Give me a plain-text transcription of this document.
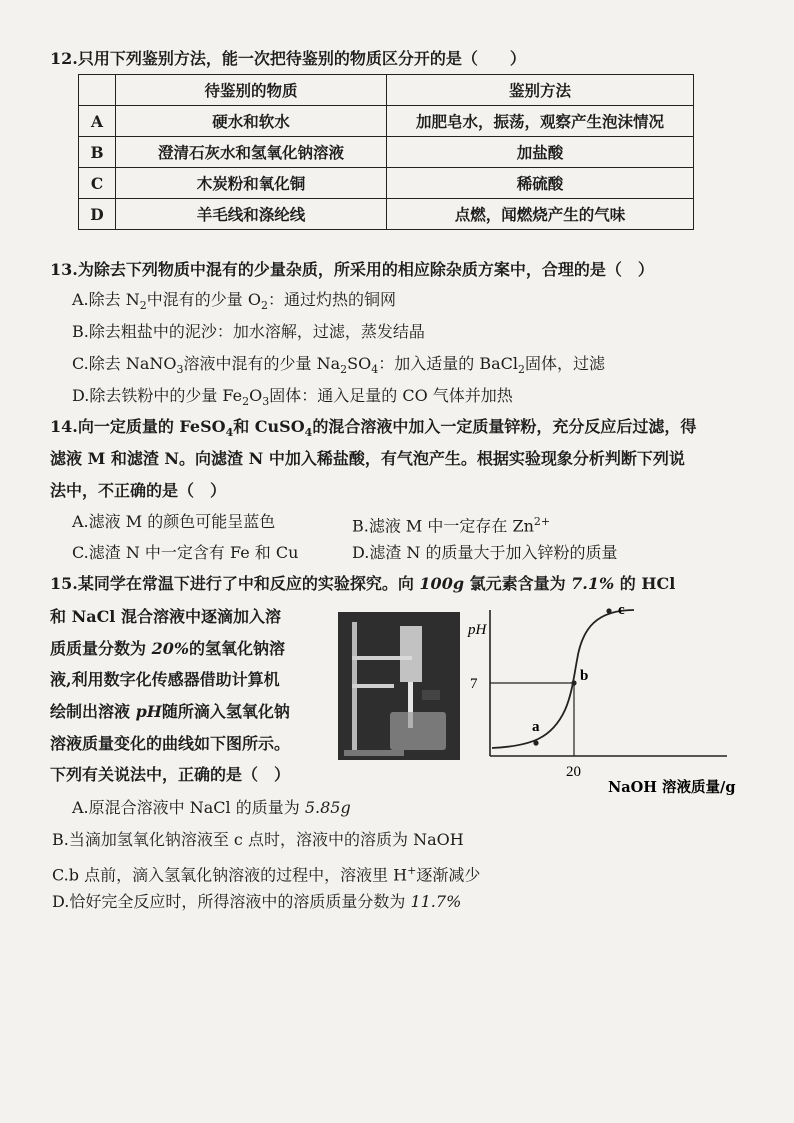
12.只用下列鉴别方法，能一次把待鉴别的物质区分开的是（　　）
	待鉴别的物质	鉴别方法
A	硬水和软水	加肥皂水，振荡，观察产生泡沫情况
B	澄清石灰水和氢氧化钠溶液	加盐酸
C	木炭粉和氧化铜	稀硫酸
D	羊毛线和涤纶线	点燃，闻燃烧产生的气味
13.为除去下列物质中混有的少量杂质，所采用的相应除杂质方案中，合理的是（　）
A.除去 $N_2$中混有的少量 $O_2$：通过灼热的铜网
B.除去粗盐中的泥沙：加水溶解，过滤，蒸发结晶
C.除去 NaNO$_3$溶液中混有的少量 $Na_2SO_4$：加入适量的 BaCl$_2$固体，过滤
D.除去铁粉中的少量 $Fe_2O_3$固体：通入足量的 CO 气体并加热
14.向一定质量的 FeSO$_4$和 CuSO$_4$的混合溶液中加入一定质量锌粉，充分反应后过滤，得
滤液 M 和滤渣 N。向滤渣 N 中加入稀盐酸，有气泡产生。根据实验现象分析判断下列说
法中，不正确的是（　）
A.滤液 M 的颜色可能呈蓝色	B.滤液 M 中一定存在 $Zn^{2+}$
C.滤渣 N 中一定含有 Fe 和 Cu	D.滤渣 N 的质量大于加入锌粉的质量
15.某同学在常温下进行了中和反应的实验探究。向 100g 氯元素含量为 7.1% 的 HCl
和 NaCl 混合溶液中逐滴加入溶
质质量分数为 20%的氢氧化钠溶
液,利用数字化传感器借助计算机
绘制出溶液 pH随所滴入氢氧化钠
溶液质量变化的曲线如下图所示。
下列有关说法中，正确的是（　）
pH
7
20
NaOH 溶液质量/g
a
b
c
A.原混合溶液中 NaCl 的质量为 5.85g
B.当滴加氢氧化钠溶液至 c 点时，溶液中的溶质为 NaOH
C.b 点前，滴入氢氧化钠溶液的过程中，溶液里 H+逐渐减少
D.恰好完全反应时，所得溶液中的溶质质量分数为 11.7%
